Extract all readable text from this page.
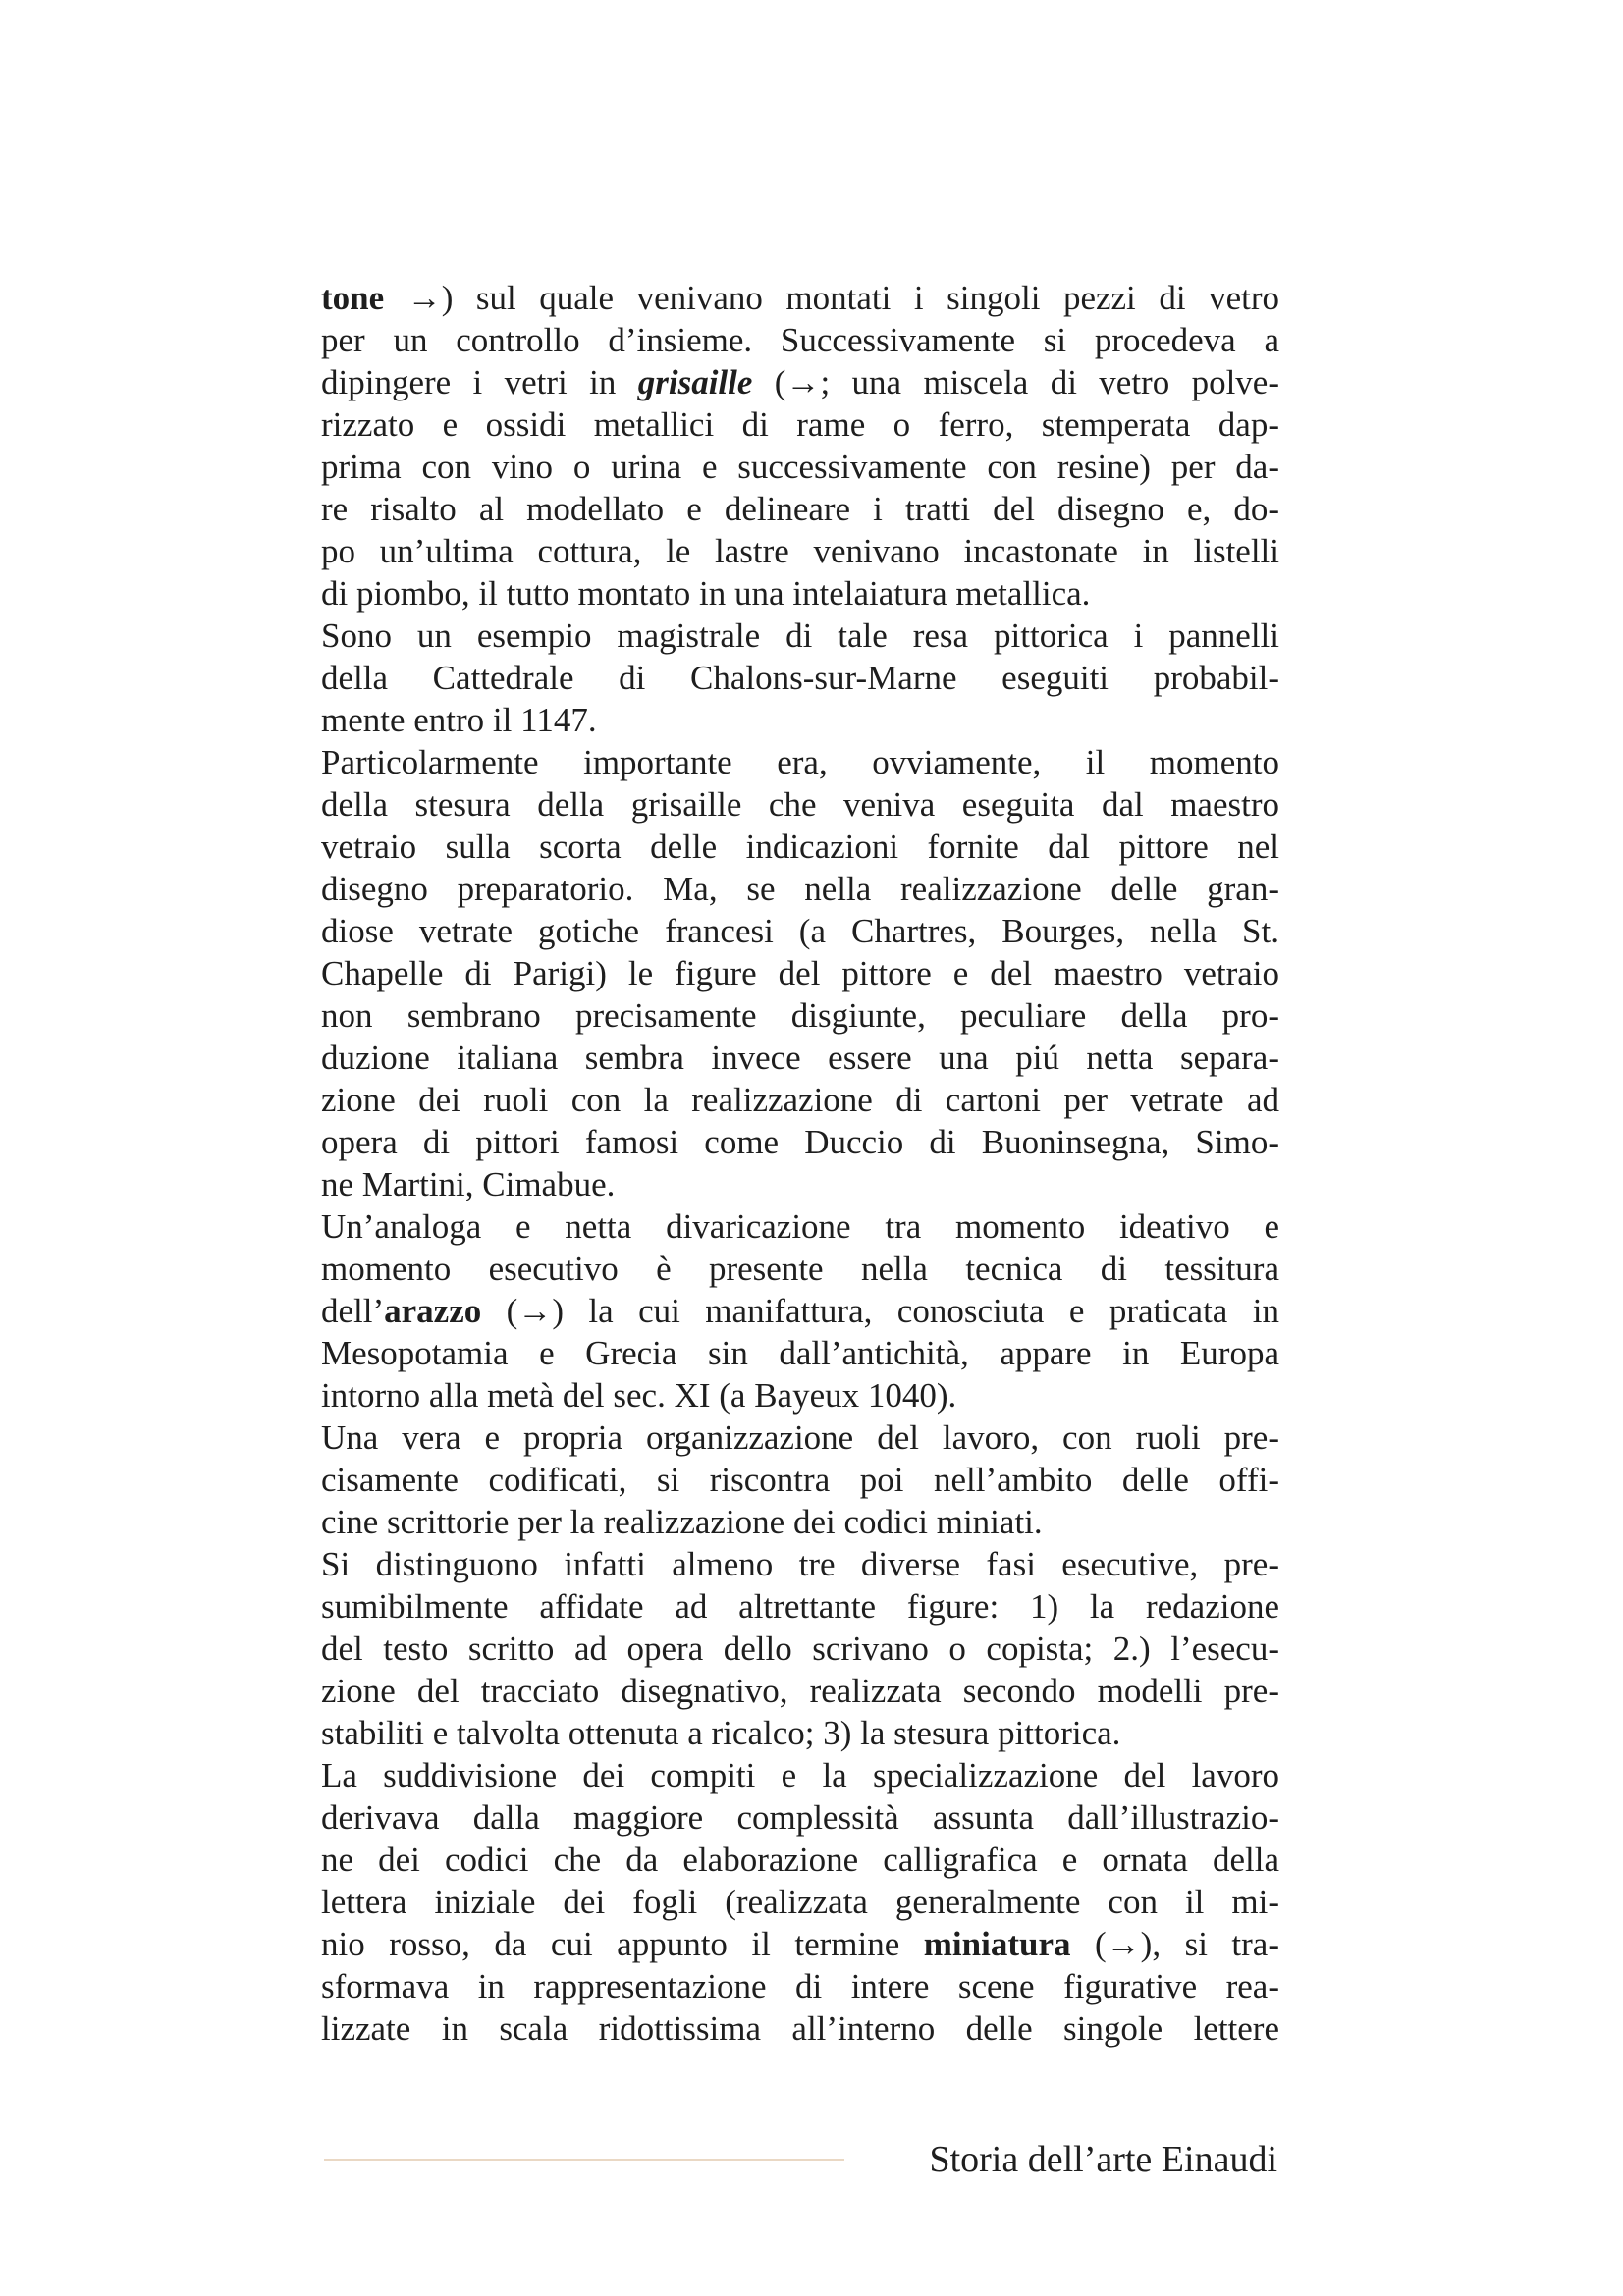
tone →) sul quale venivano montati i singoli pezzi di vetro
per un controllo d’insieme. Successivamente si procedeva a
dipingere i vetri in grisaille (→; una miscela di vetro polve-
rizzato e ossidi metallici di rame o ferro, stemperata dap-
prima con vino o urina e successivamente con resine) per da-
re risalto al modellato e delineare i tratti del disegno e, do-
po un’ultima cottura, le lastre venivano incastonate in listelli
di piombo, il tutto montato in una intelaiatura metallica.
Sono un esempio magistrale di tale resa pittorica i pannelli
della Cattedrale di Chalons-sur-Marne eseguiti probabil-
mente entro il 1147.
Particolarmente importante era, ovviamente, il momento
della stesura della grisaille che veniva eseguita dal maestro
vetraio sulla scorta delle indicazioni fornite dal pittore nel
disegno preparatorio. Ma, se nella realizzazione delle gran-
diose vetrate gotiche francesi (a Chartres, Bourges, nella St.
Chapelle di Parigi) le figure del pittore e del maestro vetraio
non sembrano precisamente disgiunte, peculiare della pro-
duzione italiana sembra invece essere una piú netta separa-
zione dei ruoli con la realizzazione di cartoni per vetrate ad
opera di pittori famosi come Duccio di Buoninsegna, Simo-
ne Martini, Cimabue.
Un’analoga e netta divaricazione tra momento ideativo e
momento esecutivo è presente nella tecnica di tessitura
dell’arazzo (→) la cui manifattura, conosciuta e praticata in
Mesopotamia e Grecia sin dall’antichità, appare in Europa
intorno alla metà del sec. XI (a Bayeux 1040).
Una vera e propria organizzazione del lavoro, con ruoli pre-
cisamente codificati, si riscontra poi nell’ambito delle offi-
cine scrittorie per la realizzazione dei codici miniati.
Si distinguono infatti almeno tre diverse fasi esecutive, pre-
sumibilmente affidate ad altrettante figure: 1) la redazione
del testo scritto ad opera dello scrivano o copista; 2.) l’esecu-
zione del tracciato disegnativo, realizzata secondo modelli pre-
stabiliti e talvolta ottenuta a ricalco; 3) la stesura pittorica.
La suddivisione dei compiti e la specializzazione del lavoro
derivava dalla maggiore complessità assunta dall’illustrazio-
ne dei codici che da elaborazione calligrafica e ornata della
lettera iniziale dei fogli (realizzata generalmente con il mi-
nio rosso, da cui appunto il termine miniatura (→), si tra-
sformava in rappresentazione di intere scene figurative rea-
lizzate in scala ridottissima all’interno delle singole lettere
Storia dell’arte Einaudi
